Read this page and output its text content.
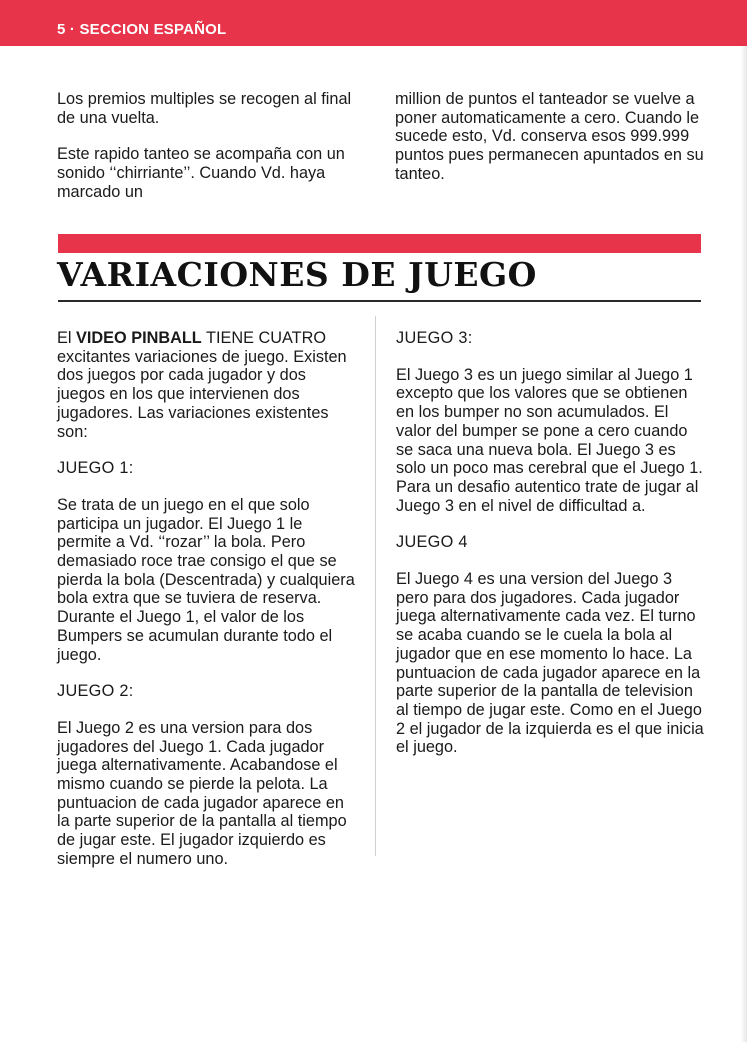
5 · SECCION ESPAÑOL

Los premios multiples se recogen al final de una vuelta.

Este rapido tanteo se acompaña con un sonido ‘‘chirriante’’. Cuando Vd. haya marcado un

million de puntos el tanteador se vuelve a poner automaticamente a cero. Cuando le sucede esto, Vd. conserva esos 999.999 puntos pues permanecen apuntados en su tanteo.

VARIACIONES DE JUEGO

El VIDEO PINBALL TIENE CUATRO excitantes variaciones de juego. Existen dos juegos por cada jugador y dos juegos en los que intervienen dos jugadores. Las variaciones existentes son:

JUEGO 1:

Se trata de un juego en el que solo participa un jugador. El Juego 1 le permite a Vd. ‘‘rozar’’ la bola. Pero demasiado roce trae consigo el que se pierda la bola (Descentrada) y cualquiera bola extra que se tuviera de reserva. Durante el Juego 1, el valor de los Bumpers se acumulan durante todo el juego.

JUEGO 2:

El Juego 2 es una version para dos jugadores del Juego 1. Cada jugador juega alternativamente. Acabandose el mismo cuando se pierde la pelota. La puntuacion de cada jugador aparece en la parte superior de la pantalla al tiempo de jugar este. El jugador izquierdo es siempre el numero uno.

JUEGO 3:

El Juego 3 es un juego similar al Juego 1 excepto que los valores que se obtienen en los bumper no son acumulados. El valor del bumper se pone a cero cuando se saca una nueva bola. El Juego 3 es solo un poco mas cerebral que el Juego 1. Para un desafio autentico trate de jugar al Juego 3 en el nivel de difficultad a.

JUEGO 4

El Juego 4 es una version del Juego 3 pero para dos jugadores. Cada jugador juega alternativamente cada vez. El turno se acaba cuando se le cuela la bola al jugador que en ese momento lo hace. La puntuacion de cada jugador aparece en la parte superior de la pantalla de television al tiempo de jugar este. Como en el Juego 2 el jugador de la izquierda es el que inicia el juego.
